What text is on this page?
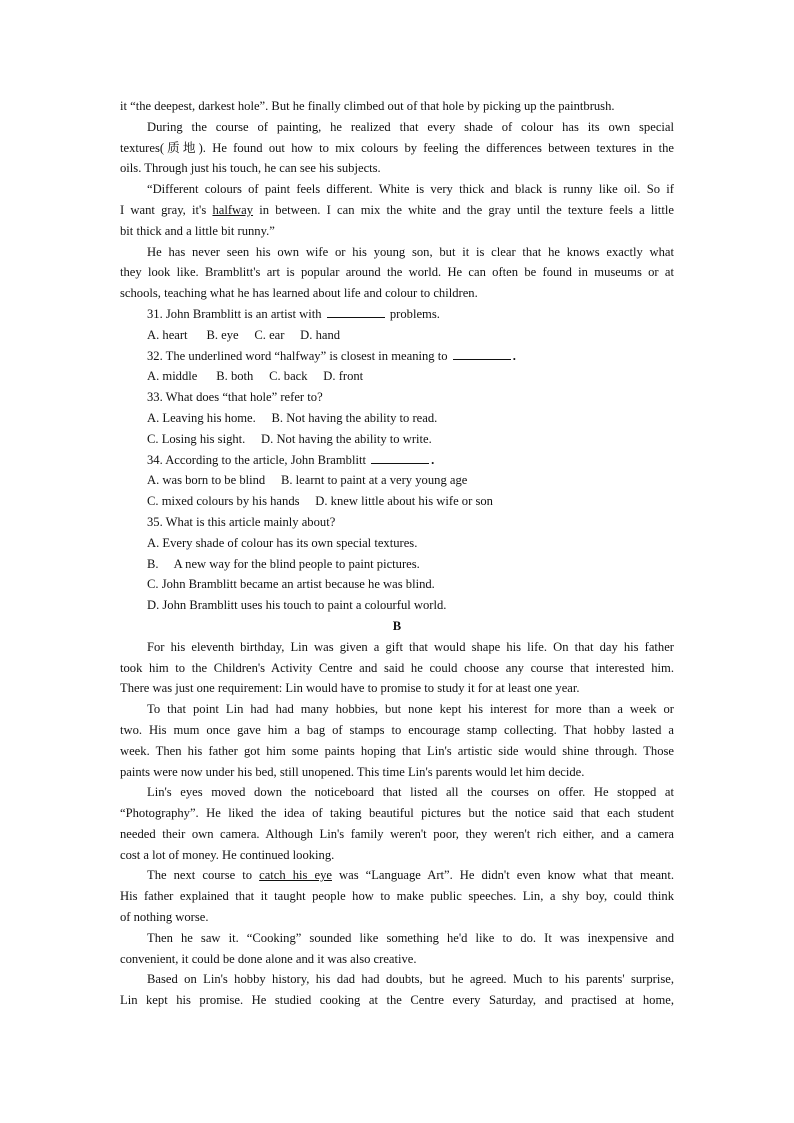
it “the deepest, darkest hole”. But he finally climbed out of that hole by picking up the paintbrush.
During the course of painting, he realized that every shade of colour has its own special
textures(质地). He found out how to mix colours by feeling the differences between textures in the
oils. Through just his touch, he can see his subjects.
“Different colours of paint feels different. White is very thick and black is runny like oil. So if
I want gray, it's halfway in between. I can mix the white and the gray until the texture feels a little
bit thick and a little bit runny.”
He has never seen his own wife or his young son, but it is clear that he knows exactly what
they look like. Bramblitt's art is popular around the world. He can often be found in museums or at
schools, teaching what he has learned about life and colour to children.
31. John Bramblitt is an artist with	problems.
A. heart      B. eye     C. ear     D. hand
32. The underlined word “halfway” is closest in meaning to	.
A. middle      B. both     C. back     D. front
33. What does “that hole” refer to?
A. Leaving his home.     B. Not having the ability to read.
C. Losing his sight.     D. Not having the ability to write.
34. According to the article, John Bramblitt	.
A. was born to be blind     B. learnt to paint at a very young age
C. mixed colours by his hands     D. knew little about his wife or son
35. What is this article mainly about?
A. Every shade of colour has its own special textures.
B.     A new way for the blind people to paint pictures.
C. John Bramblitt became an artist because he was blind.
D. John Bramblitt uses his touch to paint a colourful world.
B
For his eleventh birthday, Lin was given a gift that would shape his life. On that day his father
took him to the Children's Activity Centre and said he could choose any course that interested him.
There was just one requirement: Lin would have to promise to study it for at least one year.
To that point Lin had had many hobbies, but none kept his interest for more than a week or
two. His mum once gave him a bag of stamps to encourage stamp collecting. That hobby lasted a
week. Then his father got him some paints hoping that Lin's artistic side would shine through. Those
paints were now under his bed, still unopened. This time Lin's parents would let him decide.
Lin's eyes moved down the noticeboard that listed all the courses on offer. He stopped at
“Photography”. He liked the idea of taking beautiful pictures but the notice said that each student
needed their own camera. Although Lin's family weren't poor, they weren't rich either, and a camera
cost a lot of money. He continued looking.
The next course to catch his eye was “Language Art”. He didn't even know what that meant.
His father explained that it taught people how to make public speeches. Lin, a shy boy, could think
of nothing worse.
Then he saw it. “Cooking” sounded like something he'd like to do. It was inexpensive and
convenient, it could be done alone and it was also creative.
Based on Lin's hobby history, his dad had doubts, but he agreed. Much to his parents' surprise,
Lin kept his promise. He studied cooking at the Centre every Saturday, and practised at home,
